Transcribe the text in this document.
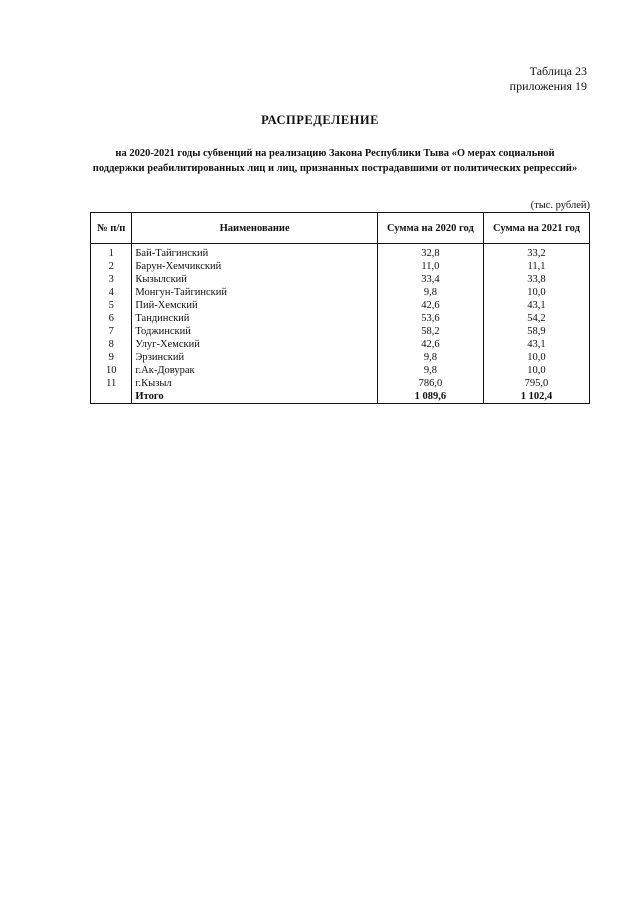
Таблица 23
приложения 19
РАСПРЕДЕЛЕНИЕ
на 2020-2021 годы субвенций на реализацию Закона Республики Тыва «О мерах социальной
поддержки реабилитированных лиц и лиц, признанных пострадавшими от политических репрессий»
(тыс. рублей)
№ п/п	Наименование	Сумма на 2020 год	Сумма на 2021 год
1	Бай-Тайгинский	32,8	33,2
2	Барун-Хемчикский	11,0	11,1
3	Кызылский	33,4	33,8
4	Монгун-Тайгинский	9,8	10,0
5	Пий-Хемский	42,6	43,1
6	Тандинский	53,6	54,2
7	Тоджинский	58,2	58,9
8	Улуг-Хемский	42,6	43,1
9	Эрзинский	9,8	10,0
10	г.Ак-Довурак	9,8	10,0
11	г.Кызыл	786,0	795,0
	Итого	1 089,6	1 102,4
